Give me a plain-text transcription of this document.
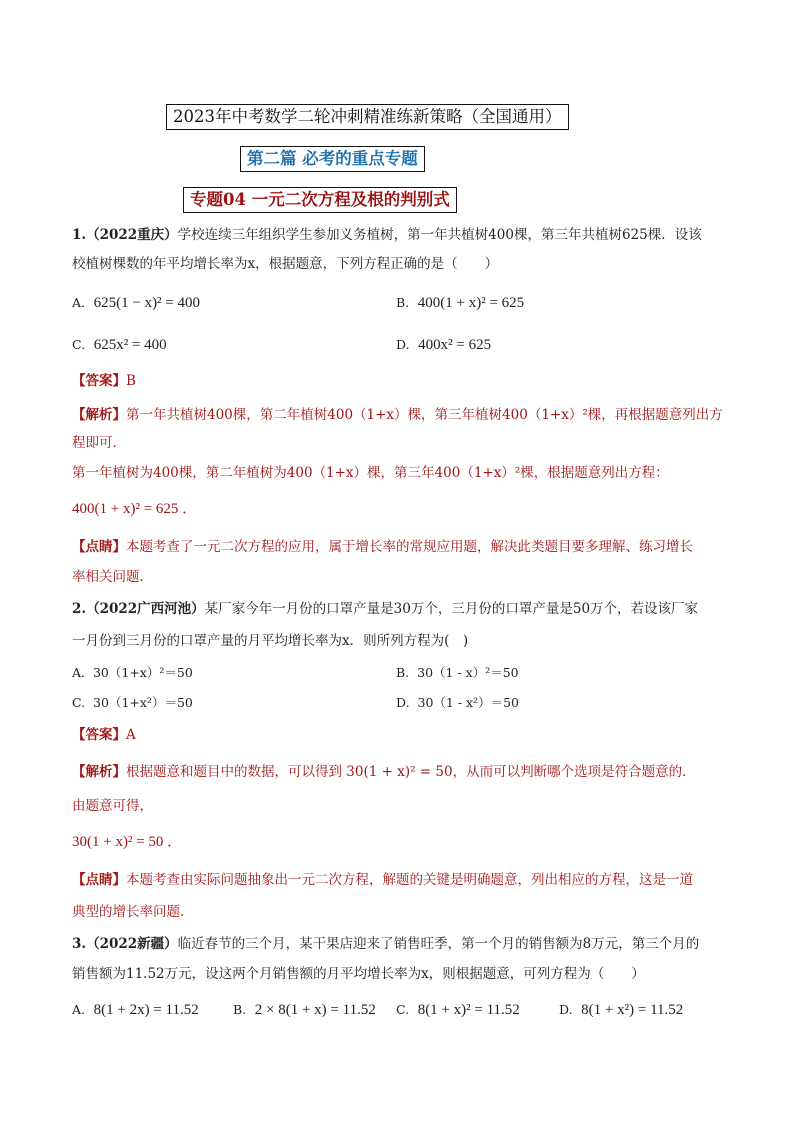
2023年中考数学二轮冲刺精准练新策略（全国通用）
第二篇 必考的重点专题
专题04 一元二次方程及根的判别式
1.（2022重庆）学校连续三年组织学生参加义务植树，第一年共植树400棵，第三年共植树625棵．设该
校植树棵数的年平均增长率为x，根据题意，下列方程正确的是（　　）
A. 625(1 − x)² = 400	B. 400(1 + x)² = 625
C. 625x² = 400	D. 400x² = 625
【答案】B
【解析】第一年共植树400棵，第二年植树400（1+x）棵，第三年植树400（1+x）²棵，再根据题意列出方
程即可．
第一年植树为400棵，第二年植树为400（1+x）棵，第三年400（1+x）²棵，根据题意列出方程：
400(1 + x)² = 625 ．
【点睛】本题考查了一元二次方程的应用，属于增长率的常规应用题，解决此类题目要多理解、练习增长
率相关问题．
2.（2022广西河池）某厂家今年一月份的口罩产量是30万个，三月份的口罩产量是50万个，若设该厂家
一月份到三月份的口罩产量的月平均增长率为x．则所列方程为(　)
A. 30（1+x）²＝50	B. 30（1 - x）²＝50
C. 30（1+x²）＝50	D. 30（1 - x²）＝50
【答案】A
【解析】根据题意和题目中的数据，可以得到 30(1 + x)² = 50，从而可以判断哪个选项是符合题意的．
由题意可得，
30(1 + x)² = 50 ．
【点睛】本题考查由实际问题抽象出一元二次方程，解题的关键是明确题意，列出相应的方程，这是一道
典型的增长率问题．
3.（2022新疆）临近春节的三个月，某干果店迎来了销售旺季，第一个月的销售额为8万元，第三个月的
销售额为11.52万元，设这两个月销售额的月平均增长率为x，则根据题意，可列方程为（　　）
A. 8(1 + 2x) = 11.52	B. 2 × 8(1 + x) = 11.52 C. 8(1 + x)² = 11.52	D. 8(1 + x²) = 11.52
